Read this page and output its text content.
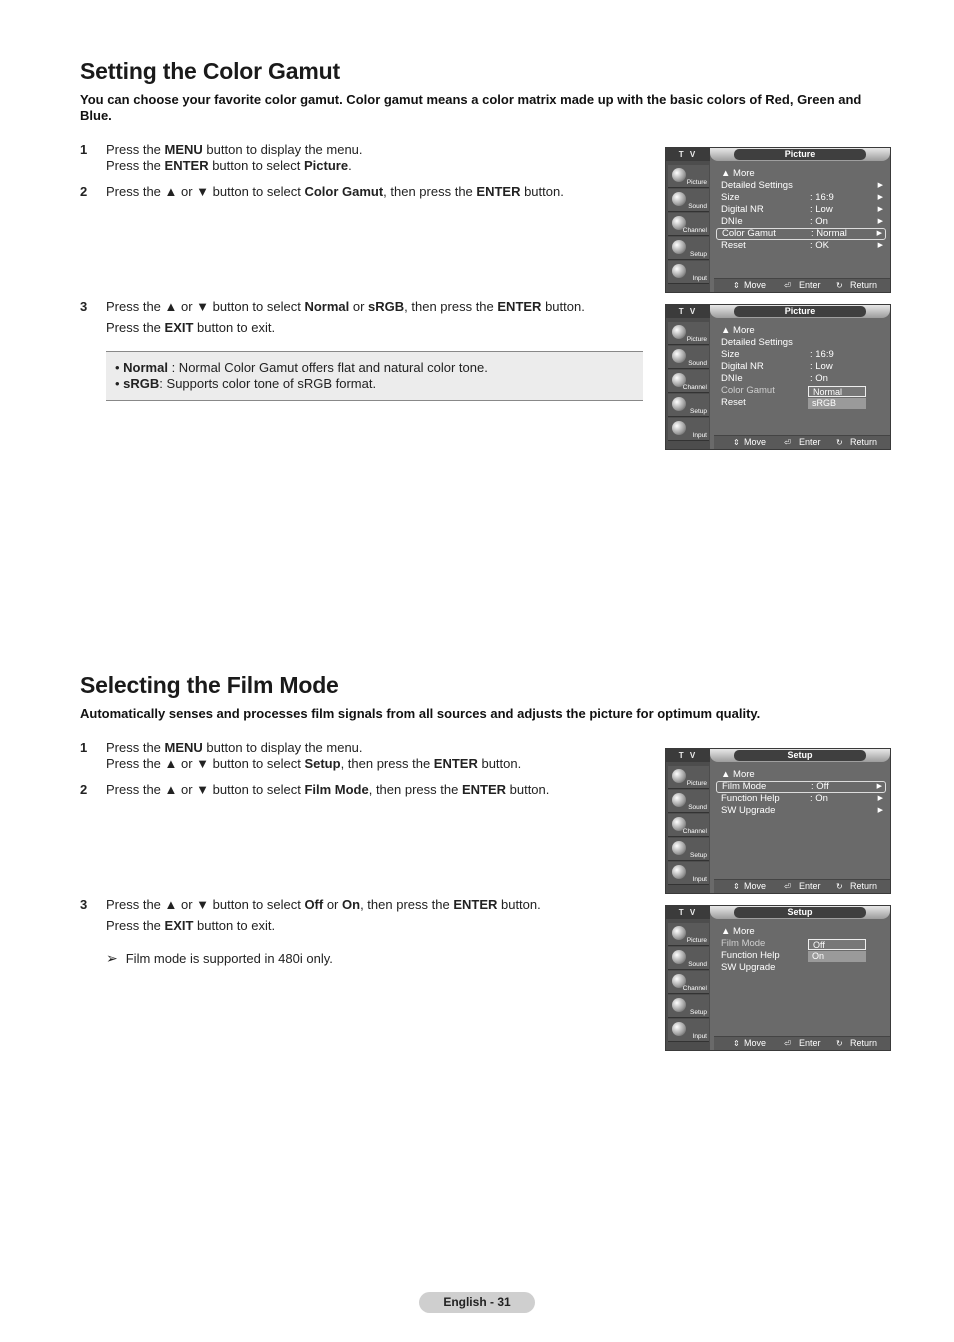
Setting the Color Gamut

You can choose your favorite color gamut. Color gamut means a color matrix made up with the basic colors of Red, Green and Blue.

1 Press the MENU button to display the menu.
Press the ENTER button to select Picture.
2 Press the ▲ or ▼ button to select Color Gamut, then press the ENTER button.
3 Press the ▲ or ▼ button to select Normal or sRGB, then press the ENTER button.
Press the EXIT button to exit.
• Normal : Normal Color Gamut offers flat and natural color tone.
• sRGB: Supports color tone of sRGB format.
Selecting the Film Mode

Automatically senses and processes film signals from all sources and adjusts the picture for optimum quality.

1 Press the MENU button to display the menu.
Press the ▲ or ▼ button to select Setup, then press the ENTER button.
2 Press the ▲ or ▼ button to select Film Mode, then press the ENTER button.
3 Press the ▲ or ▼ button to select Off or On, then press the ENTER button.
Press the EXIT button to exit.
➢ Film mode is supported in 480i only.
T V	Picture
Picture
Sound
Channel
Setup
Input
▲ More
Detailed Settings	▶
Size	: 16:9	▶
Digital NR	: Low	▶
DNIe	: On	▶
Color Gamut	: Normal	▶
Reset	: OK	▶
⇕ Move ⏎ Enter ↻ Return
T V	Picture
Picture
Sound
Channel
Setup
Input
▲ More
Detailed Settings
Size	: 16:9
Digital NR	: Low
DNIe	: On
Color Gamut
Reset
Normal
sRGB
⇕ Move ⏎ Enter ↻ Return
T V	Setup
Picture
Sound
Channel
Setup
Input
▲ More
Film Mode	: Off	▶
Function Help	: On	▶
SW Upgrade	▶
⇕ Move ⏎ Enter ↻ Return
T V	Setup
Picture
Sound
Channel
Setup
Input
▲ More
Film Mode
Function Help
SW Upgrade
Off
On
⇕ Move ⏎ Enter ↻ Return
English - 31
